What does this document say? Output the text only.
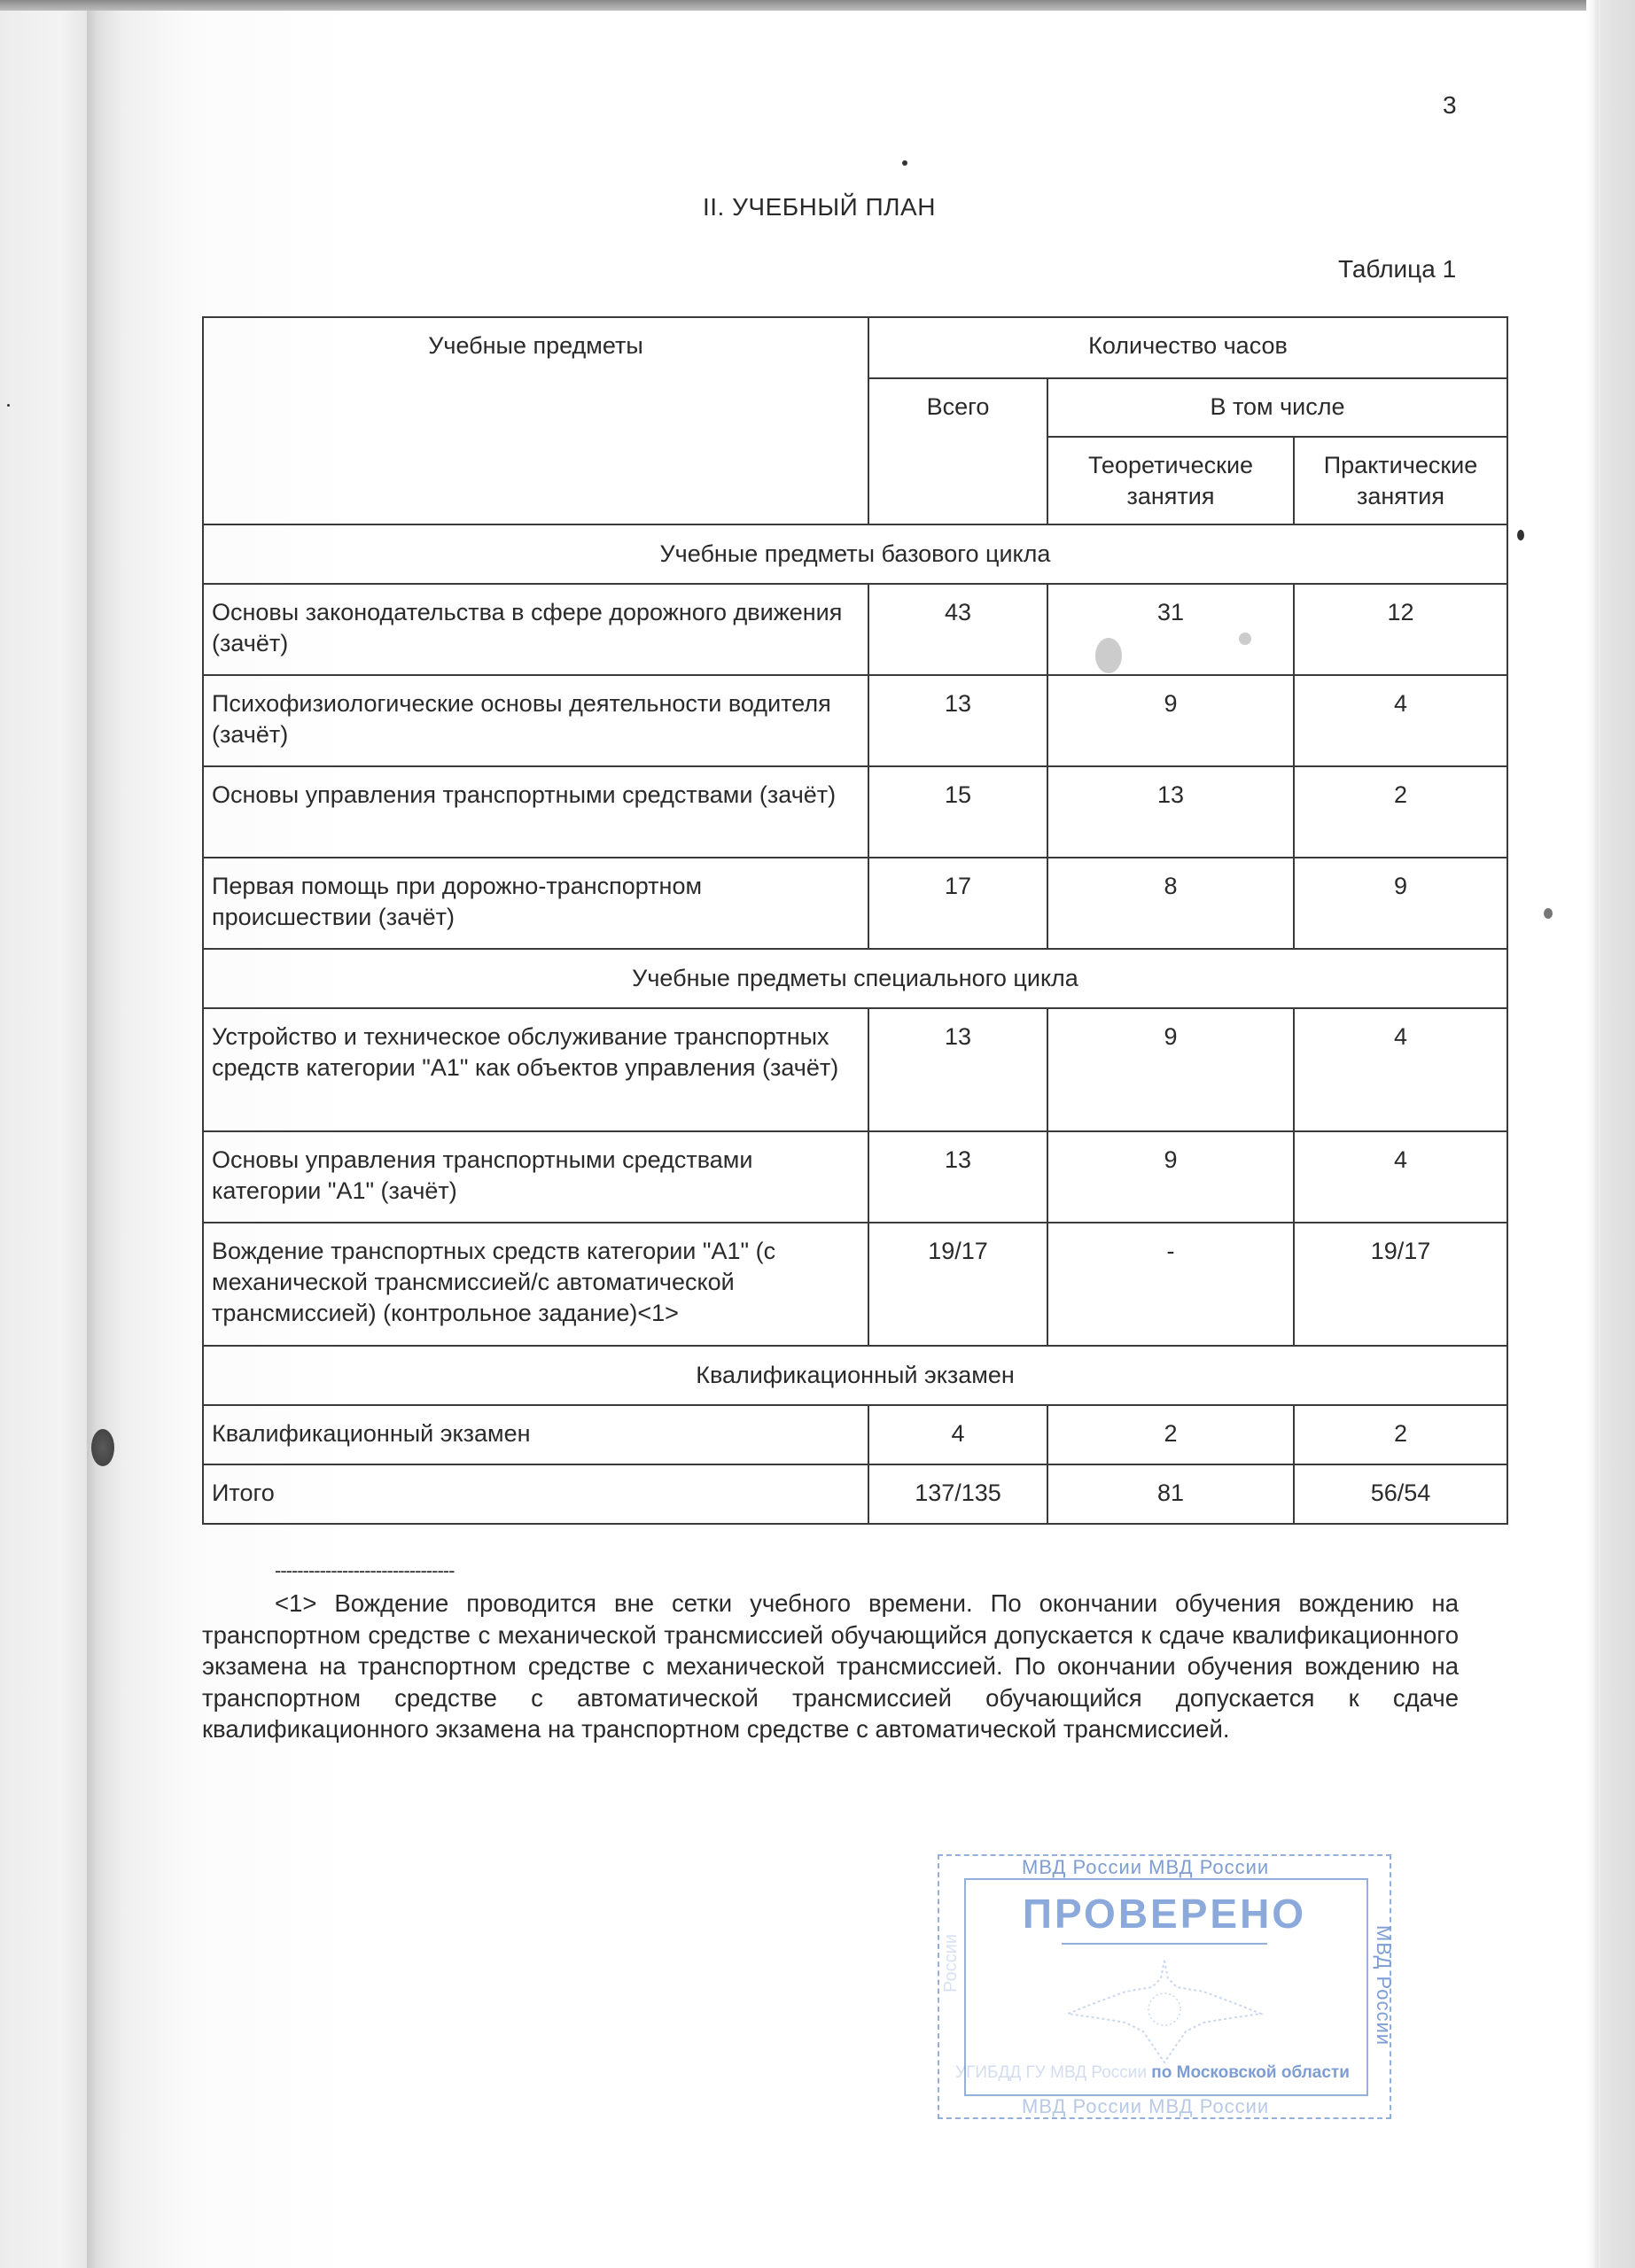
3
II. УЧЕБНЫЙ ПЛАН
Таблица 1
Учебные предметы	Количество часов		
	Всего	В том числе	
		Теоретические занятия	Практические занятия
Учебные предметы базового цикла			
Основы законодательства в сфере дорожного движения (зачёт)	43	31	12
Психофизиологические основы деятельности водителя (зачёт)	13	9	4
Основы управления транспортными средствами (зачёт)	15	13	2
Первая помощь при дорожно-транспортном происшествии (зачёт)	17	8	9
Учебные предметы специального цикла			
Устройство и техническое обслуживание транспортных средств категории "А1" как объектов управления (зачёт)	13	9	4
Основы управления транспортными средствами категории "А1" (зачёт)	13	9	4
Вождение транспортных средств категории "А1" (с механической трансмиссией/с автоматической трансмиссией) (контрольное задание)<1>	19/17	-	19/17
Квалификационный экзамен			
Квалификационный экзамен	4	2	2
Итого	137/135	81	56/54
--------------------------------
<1> Вождение проводится вне сетки учебного времени. По окончании обучения вождению на транспортном средстве с механической трансмиссией обучающийся допускается к сдаче квалификационного экзамена на транспортном средстве с механической трансмиссией. По окончании обучения вождению на транспортном средстве с автоматической трансмиссией обучающийся допускается к сдаче квалификационного экзамена на транспортном средстве с автоматической трансмиссией.
МВД России МВД России
ПРОВЕРЕНО
УГИБДД ГУ МВД России по Московской области
МВД России
России
МВД России МВД России
